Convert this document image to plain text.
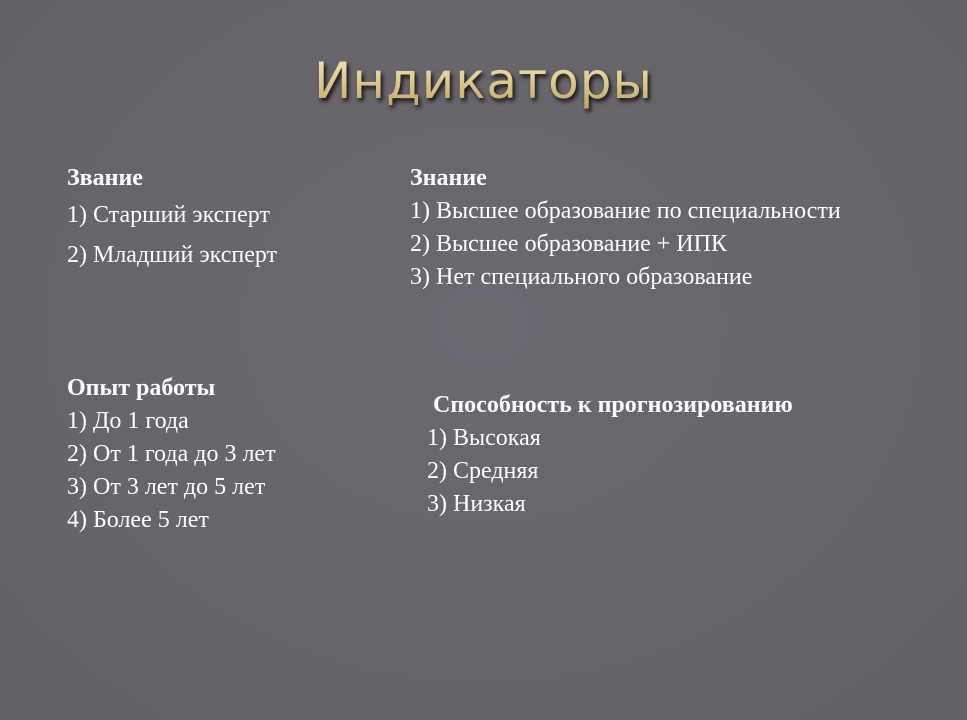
Индикаторы
Звание
1) Старший эксперт
2) Младший эксперт
Знание
1) Высшее образование по специальности
2) Высшее образование + ИПК
3) Нет специального образование
Опыт работы
1) До 1 года
2) От 1 года до 3 лет
3) От 3 лет до 5 лет
4) Более 5 лет
Способность к прогнозированию
1) Высокая
2) Средняя
3) Низкая
